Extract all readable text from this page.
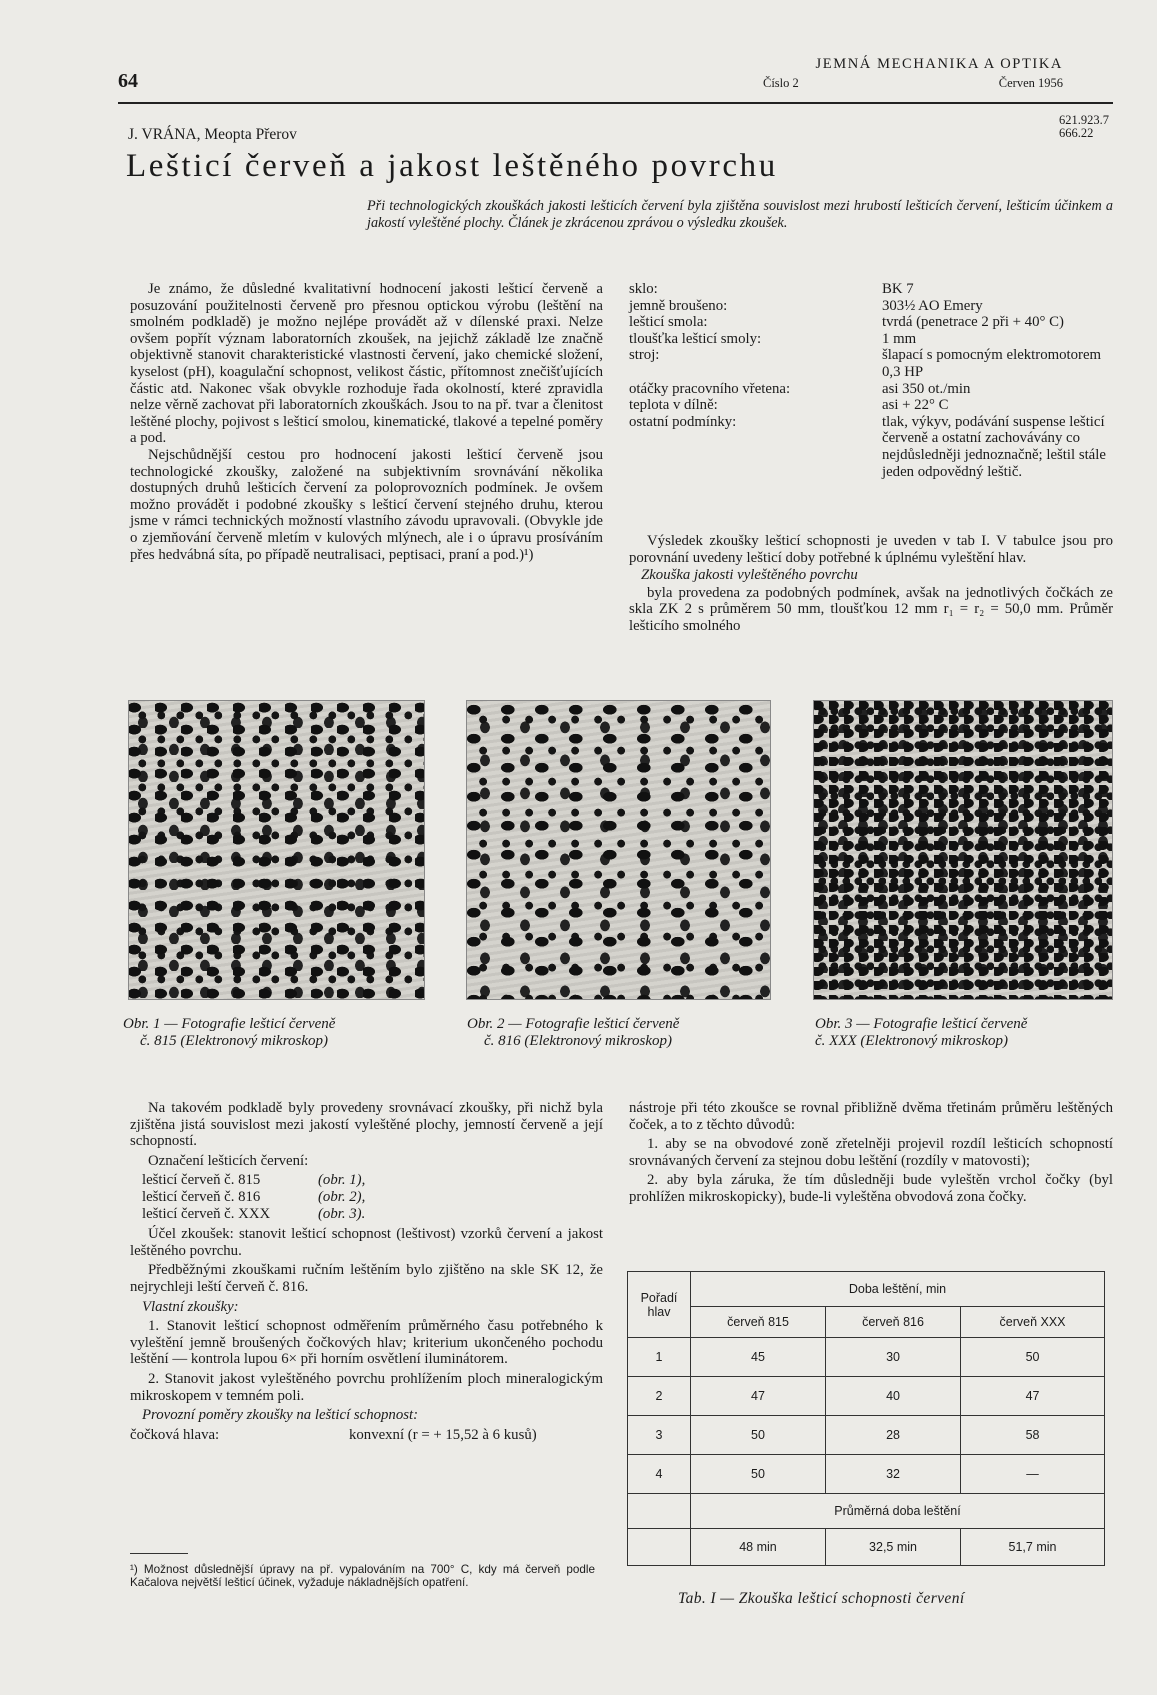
64
JEMNÁ MECHANIKA A OPTIKA
Číslo 2	Červen 1956
J. VRÁNA, Meopta Přerov
621.923.7
666.22
Lešticí červeň a jakost leštěného povrchu
Při technologických zkouškách jakosti lešticích červení byla zjištěna souvislost mezi hrubostí lešticích červení, lešticím účinkem a jakostí vyleštěné plochy. Článek je zkrácenou zprávou o výsledku zkoušek.

Je známo, že důsledné kvalitativní hodnocení jakosti lešticí červeně a posuzování použitelnosti červeně pro přesnou optickou výrobu (leštění na smolném podkladě) je možno nejlépe provádět až v dílenské praxi. Nelze ovšem popřít význam laboratorních zkoušek, na jejichž základě lze značně objektivně stanovit charakteristické vlastnosti červení, jako chemické složení, kyselost (pH), koagulační schopnost, velikost částic, přítomnost znečišťujících částic atd. Nakonec však obvykle rozhoduje řada okolností, které zpravidla nelze věrně zachovat při laboratorních zkouškách. Jsou to na př. tvar a členitost leštěné plochy, pojivost s lešticí smolou, kinematické, tlakové a tepelné poměry a pod.

Nejschůdnější cestou pro hodnocení jakosti lešticí červeně jsou technologické zkoušky, založené na subjektivním srovnávání několika dostupných druhů lešticích červení za poloprovozních podmínek. Je ovšem možno provádět i podobné zkoušky s lešticí červení stejného druhu, kterou jsme v rámci technických možností vlastního závodu upravovali. (Obvykle jde o zjemňování červeně mletím v kulových mlýnech, ale i o úpravu prosíváním přes hedvábná síta, po případě neutralisaci, peptisaci, praní a pod.)¹)

sklo:	BK 7
jemně broušeno:	303½ AO Emery
lešticí smola:	tvrdá (penetrace 2 při + 40° C)
tloušťka lešticí smoly:	1 mm
stroj:	šlapací s pomocným elektromotorem 0,3 HP
otáčky pracovního vřetena:	asi 350 ot./min
teplota v dílně:	asi + 22° C
ostatní podmínky:	tlak, výkyv, podávání suspense lešticí červeně a ostatní zachovávány co nejdůsledněji jednoznačně; leštil stále jeden odpovědný leštič.

Výsledek zkoušky lešticí schopnosti je uveden v tab I. V tabulce jsou pro porovnání uvedeny lešticí doby potřebné k úplnému vyleštění hlav.

Zkouška jakosti vyleštěného povrchu

byla provedena za podobných podmínek, avšak na jednotlivých čočkách ze skla ZK 2 s průměrem 50 mm, tloušťkou 12 mm r₁ = r₂ = 50,0 mm. Průměr lešticího smolného

Obr. 1 — Fotografie lešticí červeně
č. 815 (Elektronový mikroskop)
Obr. 2 — Fotografie lešticí červeně
č. 816 (Elektronový mikroskop)
Obr. 3 — Fotografie lešticí červeně
č. XXX (Elektronový mikroskop)

Na takovém podkladě byly provedeny srovnávací zkoušky, při nichž byla zjištěna jistá souvislost mezi jakostí vyleštěné plochy, jemností červeně a její schopností.

Označení lešticích červení:

lešticí červeň č. 815	(obr. 1),
lešticí červeň č. 816	(obr. 2),
lešticí červeň č. XXX	(obr. 3).

Účel zkoušek: stanovit lešticí schopnost (leštivost) vzorků červení a jakost leštěného povrchu.

Předběžnými zkouškami ručním leštěním bylo zjištěno na skle SK 12, že nejrychleji leští červeň č. 816.

Vlastní zkoušky:

1. Stanovit lešticí schopnost odměřením průměrného času potřebného k vyleštění jemně broušených čočkových hlav; kriterium ukončeného pochodu leštění — kontrola lupou 6× při horním osvětlení iluminátorem.

2. Stanovit jakost vyleštěného povrchu prohlížením ploch mineralogickým mikroskopem v temném poli.

Provozní poměry zkoušky na lešticí schopnost:

čočková hlava:	konvexní (r = + 15,52 à 6 kusů)
¹) Možnost důslednější úpravy na př. vypalováním na 700° C, kdy má červeň podle Kačalova největší lešticí účinek, vyžaduje nákladnějších opatření.

nástroje při této zkoušce se rovnal přibližně dvěma třetinám průměru leštěných čoček, a to z těchto důvodů:

1. aby se na obvodové zoně zřetelněji projevil rozdíl lešticích schopností srovnávaných červení za stejnou dobu leštění (rozdíly v matovosti);

2. aby byla záruka, že tím důsledněji bude vyleštěn vrchol čočky (byl prohlížen mikroskopicky), bude-li vyleštěna obvodová zona čočky.

Pořadí hlav	Doba leštění, min		
	červeň 815	červeň 816	červeň XXX
1	45	30	50
2	47	40	47
3	50	28	58
4	50	32	—
	Průměrná doba leštění		
	48 min	32,5 min	51,7 min
Tab. I — Zkouška lešticí schopnosti červení
